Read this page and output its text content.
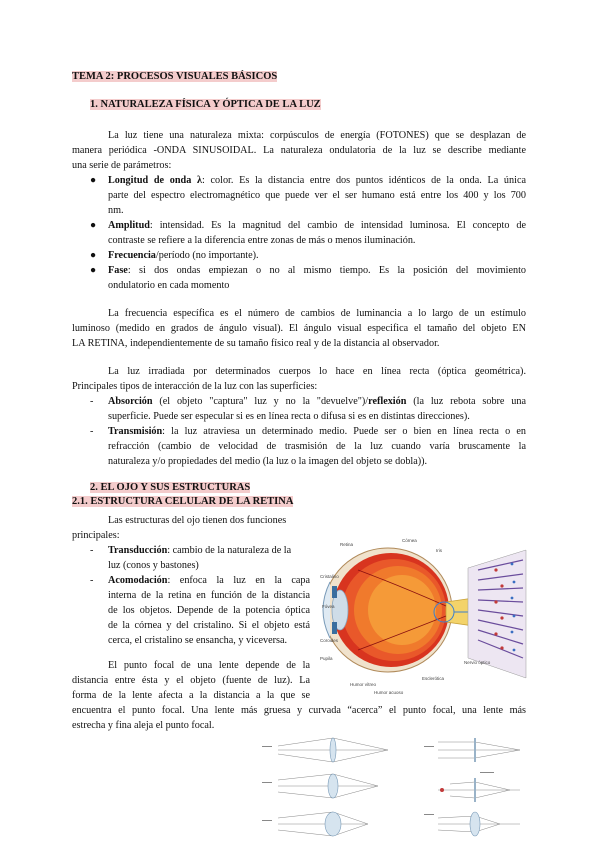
TEMA 2: PROCESOS VISUALES BÁSICOS
1. NATURALEZA FÍSICA Y ÓPTICA DE LA LUZ
La luz tiene una naturaleza mixta: corpúsculos de energía (FOTONES) que se desplazan de
manera periódica -ONDA SINUSOIDAL. La naturaleza ondulatoria de la luz se describe mediante
una serie de parámetros:
● Longitud de onda λ: color. Es la distancia entre dos puntos idénticos de la onda. La única
parte del espectro electromagnético que puede ver el ser humano está entre los 400 y los 700
nm.
● Amplitud: intensidad. Es la magnitud del cambio de intensidad luminosa. El concepto de
contraste se refiere a la diferencia entre zonas de más o menos iluminación.
● Frecuencia/período (no importante).
● Fase: si dos ondas empiezan o no al mismo tiempo. Es la posición del movimiento
ondulatorio en cada momento
La frecuencia específica es el número de cambios de luminancia a lo largo de un estímulo
luminoso (medido en grados de ángulo visual). El ángulo visual especifica el tamaño del objeto EN
LA RETINA, independientemente de su tamaño físico real y de la distancia al observador.
La luz irradiada por determinados cuerpos lo hace en línea recta (óptica geométrica).
Principales tipos de interacción de la luz con las superficies:
- Absorción (el objeto "captura" luz y no la "devuelve")/reflexión (la luz rebota sobre una
superficie. Puede ser especular si es en línea recta o difusa si es en distintas direcciones).
- Transmisión: la luz atraviesa un determinado medio. Puede ser o bien en línea recta o en
refracción (cambio de velocidad de trasmisión de la luz cuando varía bruscamente la
naturaleza y/o propiedades del medio (la luz o la imagen del objeto se dobla)).
2. EL OJO Y SUS ESTRUCTURAS
2.1. ESTRUCTURA CELULAR DE LA RETINA
Las estructuras del ojo tienen dos funciones
principales:
- Transducción: cambio de la naturaleza de la
luz (conos y bastones)
- Acomodación: enfoca la luz en la capa
interna de la retina en función de la distancia
de los objetos. Depende de la potencia óptica
de la córnea y del cristalino. Si el objeto está
cerca, el cristalino se ensancha, y viceversa.
El punto focal de una lente depende de la
distancia entre ésta y el objeto (fuente de luz). La
forma de la lente afecta a la distancia a la que se
encuentra el punto focal. Una lente más gruesa y curvada “acerca” el punto focal, una lente más
estrecha y fina aleja el punto focal.
Retina
Córnea
Iris
Cristalino
Fóvea
Nervio óptico
Humor vítreo
Esclerótica
Coroides
Pupila
Humor acuoso
